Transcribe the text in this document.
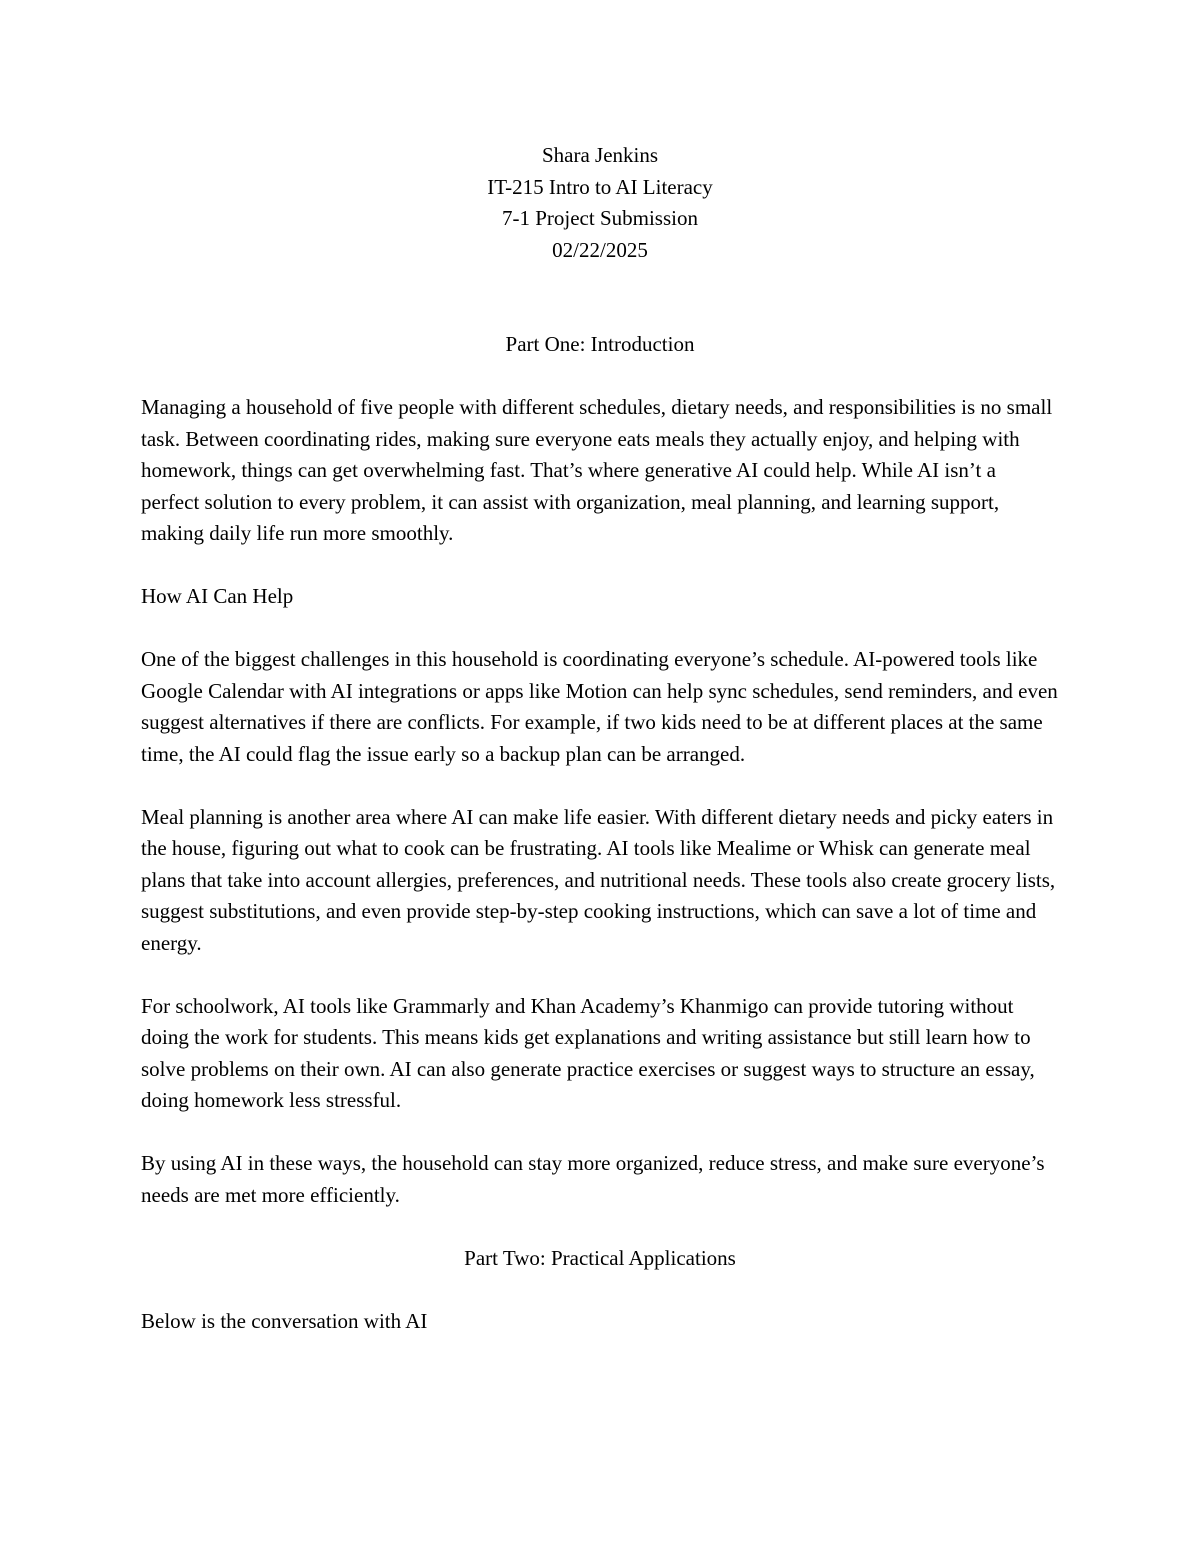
Shara Jenkins
IT-215 Intro to AI Literacy
7-1 Project Submission
02/22/2025

Part One: Introduction

Managing a household of five people with different schedules, dietary needs, and responsibilities is no small task. Between coordinating rides, making sure everyone eats meals they actually enjoy, and helping with homework, things can get overwhelming fast. That’s where generative AI could help. While AI isn’t a perfect solution to every problem, it can assist with organization, meal planning, and learning support, making daily life run more smoothly.

How AI Can Help

One of the biggest challenges in this household is coordinating everyone’s schedule. AI-powered tools like Google Calendar with AI integrations or apps like Motion can help sync schedules, send reminders, and even suggest alternatives if there are conflicts. For example, if two kids need to be at different places at the same time, the AI could flag the issue early so a backup plan can be arranged.

Meal planning is another area where AI can make life easier. With different dietary needs and picky eaters in the house, figuring out what to cook can be frustrating. AI tools like Mealime or Whisk can generate meal plans that take into account allergies, preferences, and nutritional needs. These tools also create grocery lists, suggest substitutions, and even provide step-by-step cooking instructions, which can save a lot of time and energy.

For schoolwork, AI tools like Grammarly and Khan Academy’s Khanmigo can provide tutoring without doing the work for students. This means kids get explanations and writing assistance but still learn how to solve problems on their own. AI can also generate practice exercises or suggest ways to structure an essay, doing homework less stressful.

By using AI in these ways, the household can stay more organized, reduce stress, and make sure everyone’s needs are met more efficiently.

Part Two: Practical Applications

Below is the conversation with AI
